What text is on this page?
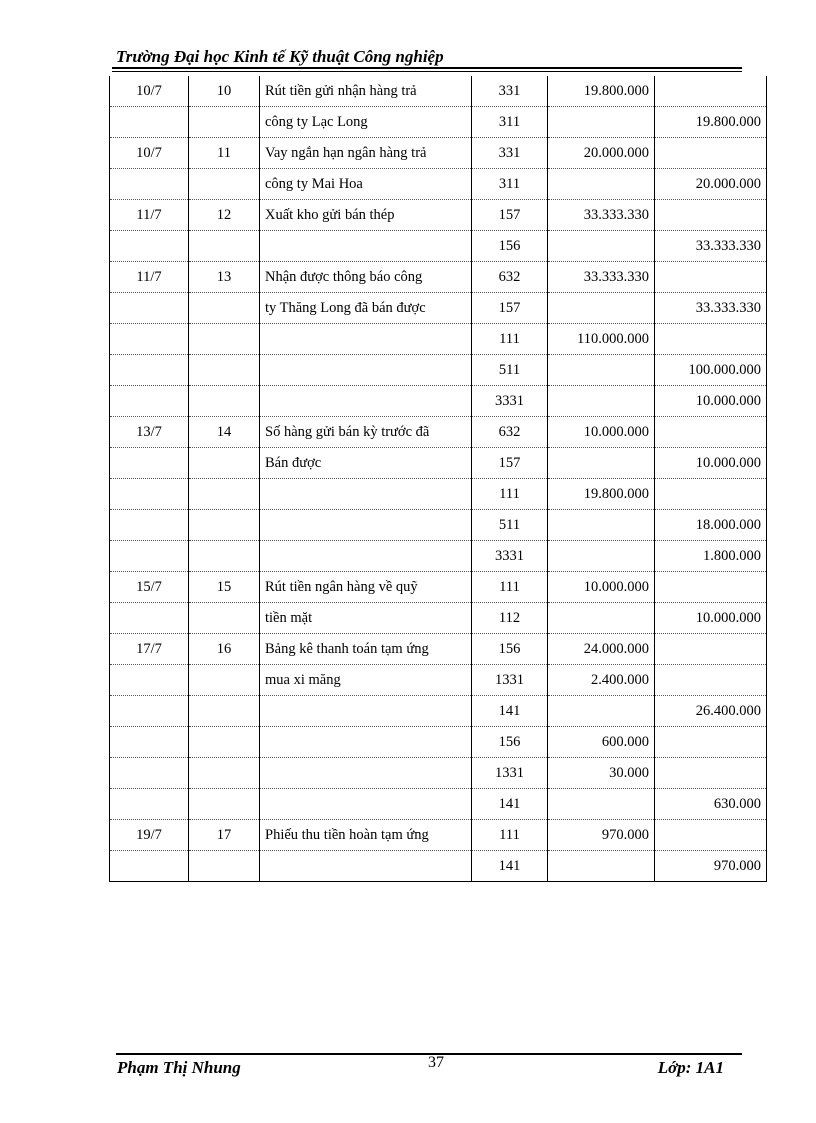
Trường Đại học Kinh tế Kỹ thuật Công nghiệp
10/7	10	Rút tiền gửi nhận hàng trả	331	19.800.000	
		công ty Lạc Long	311		19.800.000
10/7	11	Vay ngắn hạn ngân hàng trả	331	20.000.000	
		công ty Mai Hoa	311		20.000.000
11/7	12	Xuất kho gửi bán thép	157	33.333.330	
			156		33.333.330
11/7	13	Nhận được thông báo công	632	33.333.330	
		ty Thăng Long đã bán được	157		33.333.330
			111	110.000.000	
			511		100.000.000
			3331		10.000.000
13/7	14	Số hàng gửi bán kỳ trước đã	632	10.000.000	
		Bán được	157		10.000.000
			111	19.800.000	
			511		18.000.000
			3331		1.800.000
15/7	15	Rút tiền ngân hàng về quỹ	111	10.000.000	
		tiền mặt	112		10.000.000
17/7	16	Bảng kê thanh toán tạm ứng	156	24.000.000	
		mua xi măng	1331	2.400.000	
			141		26.400.000
			156	600.000	
			1331	30.000	
			141		630.000
19/7	17	Phiếu thu tiền hoàn tạm ứng	111	970.000	
			141		970.000
Phạm Thị Nhung	37	Lớp: 1A1
